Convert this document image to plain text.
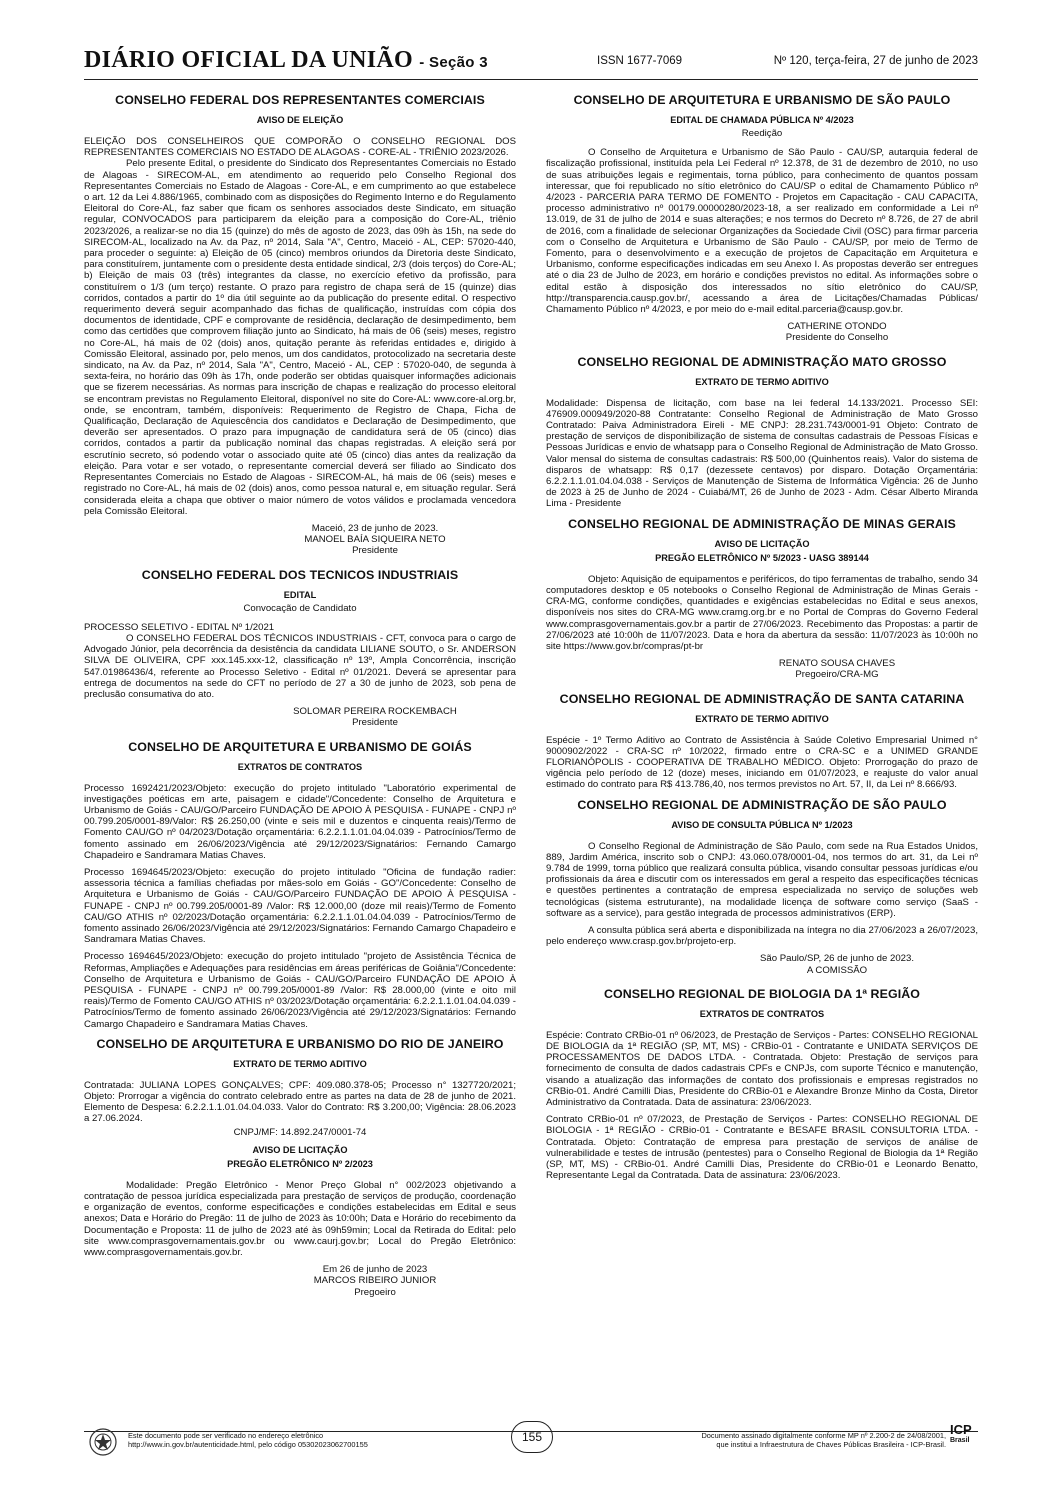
DIÁRIO OFICIAL DA UNIÃO - Seção 3	ISSN 1677-7069	Nº 120, terça-feira, 27 de junho de 2023
CONSELHO FEDERAL DOS REPRESENTANTES COMERCIAIS
AVISO DE ELEIÇÃO

ELEIÇÃO DOS CONSELHEIROS QUE COMPORÃO O CONSELHO REGIONAL DOS REPRESENTANTES COMERCIAIS NO ESTADO DE ALAGOAS - CORE-AL - TRIÊNIO 2023/2026.

Pelo presente Edital, o presidente do Sindicato dos Representantes Comerciais no Estado de Alagoas - SIRECOM-AL, em atendimento ao requerido pelo Conselho Regional dos Representantes Comerciais no Estado de Alagoas - Core-AL, e em cumprimento ao que estabelece o art. 12 da Lei 4.886/1965, combinado com as disposições do Regimento Interno e do Regulamento Eleitoral do Core-AL, faz saber que ficam os senhores associados deste Sindicato, em situação regular, CONVOCADOS para participarem da eleição para a composição do Core-AL, triênio 2023/2026, a realizar-se no dia 15 (quinze) do mês de agosto de 2023, das 09h às 15h, na sede do SIRECOM-AL, localizado na Av. da Paz, nº 2014, Sala "A", Centro, Maceió - AL, CEP: 57020-440, para proceder o seguinte: a) Eleição de 05 (cinco) membros oriundos da Diretoria deste Sindicato, para constituírem, juntamente com o presidente desta entidade sindical, 2/3 (dois terços) do Core-AL; b) Eleição de mais 03 (três) integrantes da classe, no exercício efetivo da profissão, para constituírem o 1/3 (um terço) restante. O prazo para registro de chapa será de 15 (quinze) dias corridos, contados a partir do 1º dia útil seguinte ao da publicação do presente edital. O respectivo requerimento deverá seguir acompanhado das fichas de qualificação, instruídas com cópia dos documentos de identidade, CPF e comprovante de residência, declaração de desimpedimento, bem como das certidões que comprovem filiação junto ao Sindicato, há mais de 06 (seis) meses, registro no Core-AL, há mais de 02 (dois) anos, quitação perante às referidas entidades e, dirigido à Comissão Eleitoral, assinado por, pelo menos, um dos candidatos, protocolizado na secretaria deste sindicato, na Av. da Paz, nº 2014, Sala "A", Centro, Maceió - AL, CEP : 57020-040, de segunda à sexta-feira, no horário das 09h às 17h, onde poderão ser obtidas quaisquer informações adicionais que se fizerem necessárias. As normas para inscrição de chapas e realização do processo eleitoral se encontram previstas no Regulamento Eleitoral, disponível no site do Core-AL: www.core-al.org.br, onde, se encontram, também, disponíveis: Requerimento de Registro de Chapa, Ficha de Qualificação, Declaração de Aquiescência dos candidatos e Declaração de Desimpedimento, que deverão ser apresentados. O prazo para impugnação de candidatura será de 05 (cinco) dias corridos, contados a partir da publicação nominal das chapas registradas. A eleição será por escrutínio secreto, só podendo votar o associado quite até 05 (cinco) dias antes da realização da eleição. Para votar e ser votado, o representante comercial deverá ser filiado ao Sindicato dos Representantes Comerciais no Estado de Alagoas - SIRECOM-AL, há mais de 06 (seis) meses e registrado no Core-AL, há mais de 02 (dois) anos, como pessoa natural e, em situação regular. Será considerada eleita a chapa que obtiver o maior número de votos válidos e proclamada vencedora pela Comissão Eleitoral.

Maceió, 23 de junho de 2023.
MANOEL BAÍA SIQUEIRA NETO
Presidente
CONSELHO FEDERAL DOS TECNICOS INDUSTRIAIS
EDITAL
Convocação de Candidato

PROCESSO SELETIVO - EDITAL Nº 1/2021

O CONSELHO FEDERAL DOS TÉCNICOS INDUSTRIAIS - CFT, convoca para o cargo de Advogado Júnior, pela decorrência da desistência da candidata LILIANE SOUTO, o Sr. ANDERSON SILVA DE OLIVEIRA, CPF xxx.145.xxx-12, classificação nº 13º, Ampla Concorrência, inscrição 547.01986436/4, referente ao Processo Seletivo - Edital nº 01/2021. Deverá se apresentar para entrega de documentos na sede do CFT no período de 27 a 30 de junho de 2023, sob pena de preclusão consumativa do ato.

SOLOMAR PEREIRA ROCKEMBACH
Presidente
CONSELHO DE ARQUITETURA E URBANISMO DE GOIÁS
EXTRATOS DE CONTRATOS

Processo 1692421/2023/Objeto: execução do projeto intitulado "Laboratório experimental de investigações poéticas em arte, paisagem e cidade"/Concedente: Conselho de Arquitetura e Urbanismo de Goiás - CAU/GO/Parceiro FUNDAÇÃO DE APOIO À PESQUISA - FUNAPE - CNPJ nº 00.799.205/0001-89/Valor: R$ 26.250,00 (vinte e seis mil e duzentos e cinquenta reais)/Termo de Fomento CAU/GO nº 04/2023/Dotação orçamentária: 6.2.2.1.1.01.04.04.039 - Patrocínios/Termo de fomento assinado em 26/06/2023/Vigência até 29/12/2023/Signatários: Fernando Camargo Chapadeiro e Sandramara Matias Chaves.

Processo 1694645/2023/Objeto: execução do projeto intitulado "Oficina de fundação radier: assessoria técnica a famílias chefiadas por mães-solo em Goiás - GO"/Concedente: Conselho de Arquitetura e Urbanismo de Goiás - CAU/GO/Parceiro FUNDAÇÃO DE APOIO À PESQUISA - FUNAPE - CNPJ nº 00.799.205/0001-89 /Valor: R$ 12.000,00 (doze mil reais)/Termo de Fomento CAU/GO ATHIS nº 02/2023/Dotação orçamentária: 6.2.2.1.1.01.04.04.039 - Patrocínios/Termo de fomento assinado 26/06/2023/Vigência até 29/12/2023/Signatários: Fernando Camargo Chapadeiro e Sandramara Matias Chaves.

Processo 1694645/2023/Objeto: execução do projeto intitulado "projeto de Assistência Técnica de Reformas, Ampliações e Adequações para residências em áreas periféricas de Goiânia"/Concedente: Conselho de Arquitetura e Urbanismo de Goiás - CAU/GO/Parceiro FUNDAÇÃO DE APOIO À PESQUISA - FUNAPE - CNPJ nº 00.799.205/0001-89 /Valor: R$ 28.000,00 (vinte e oito mil reais)/Termo de Fomento CAU/GO ATHIS nº 03/2023/Dotação orçamentária: 6.2.2.1.1.01.04.04.039 - Patrocínios/Termo de fomento assinado 26/06/2023/Vigência até 29/12/2023/Signatários: Fernando Camargo Chapadeiro e Sandramara Matias Chaves.

CONSELHO DE ARQUITETURA E URBANISMO DO RIO DE JANEIRO
EXTRATO DE TERMO ADITIVO

Contratada: JULIANA LOPES GONÇALVES; CPF: 409.080.378-05; Processo n° 1327720/2021; Objeto: Prorrogar a vigência do contrato celebrado entre as partes na data de 28 de junho de 2021. Elemento de Despesa: 6.2.2.1.1.01.04.04.033. Valor do Contrato: R$ 3.200,00; Vigência: 28.06.2023 a 27.06.2024.

CNPJ/MF: 14.892.247/0001-74
AVISO DE LICITAÇÃO
PREGÃO ELETRÔNICO Nº 2/2023

Modalidade: Pregão Eletrônico - Menor Preço Global n° 002/2023 objetivando a contratação de pessoa jurídica especializada para prestação de serviços de produção, coordenação e organização de eventos, conforme especificações e condições estabelecidas em Edital e seus anexos; Data e Horário do Pregão: 11 de julho de 2023 às 10:00h; Data e Horário do recebimento da Documentação e Proposta: 11 de julho de 2023 até às 09h59min; Local da Retirada do Edital: pelo site www.comprasgovernamentais.gov.br ou www.caurj.gov.br; Local do Pregão Eletrônico: www.comprasgovernamentais.gov.br.

Em 26 de junho de 2023
MARCOS RIBEIRO JUNIOR
Pregoeiro
CONSELHO DE ARQUITETURA E URBANISMO DE SÃO PAULO
EDITAL DE CHAMADA PÚBLICA Nº 4/2023
Reedição

O Conselho de Arquitetura e Urbanismo de São Paulo - CAU/SP, autarquia federal de fiscalização profissional, instituída pela Lei Federal nº 12.378, de 31 de dezembro de 2010, no uso de suas atribuições legais e regimentais, torna público, para conhecimento de quantos possam interessar, que foi republicado no sítio eletrônico do CAU/SP o edital de Chamamento Público nº 4/2023 - PARCERIA PARA TERMO DE FOMENTO - Projetos em Capacitação - CAU CAPACITA, processo administrativo nº 00179.00000280/2023-18, a ser realizado em conformidade a Lei nº 13.019, de 31 de julho de 2014 e suas alterações; e nos termos do Decreto nº 8.726, de 27 de abril de 2016, com a finalidade de selecionar Organizações da Sociedade Civil (OSC) para firmar parceria com o Conselho de Arquitetura e Urbanismo de São Paulo - CAU/SP, por meio de Termo de Fomento, para o desenvolvimento e a execução de projetos de Capacitação em Arquitetura e Urbanismo, conforme especificações indicadas em seu Anexo I. As propostas deverão ser entregues até o dia 23 de Julho de 2023, em horário e condições previstos no edital. As informações sobre o edital estão à disposição dos interessados no sítio eletrônico do CAU/SP, http://transparencia.causp.gov.br/, acessando a área de Licitações/Chamadas Públicas/ Chamamento Público nº 4/2023, e por meio do e-mail edital.parceria@causp.gov.br.

CATHERINE OTONDO
Presidente do Conselho
CONSELHO REGIONAL DE ADMINISTRAÇÃO MATO GROSSO
EXTRATO DE TERMO ADITIVO

Modalidade: Dispensa de licitação, com base na lei federal 14.133/2021. Processo SEI: 476909.000949/2020-88 Contratante: Conselho Regional de Administração de Mato Grosso Contratado: Paiva Administradora Eireli - ME CNPJ: 28.231.743/0001-91 Objeto: Contrato de prestação de serviços de disponibilização de sistema de consultas cadastrais de Pessoas Físicas e Pessoas Jurídicas e envio de whatsapp para o Conselho Regional de Administração de Mato Grosso. Valor mensal do sistema de consultas cadastrais: R$ 500,00 (Quinhentos reais). Valor do sistema de disparos de whatsapp: R$ 0,17 (dezessete centavos) por disparo. Dotação Orçamentária: 6.2.2.1.1.01.04.04.038 - Serviços de Manutenção de Sistema de Informática Vigência: 26 de Junho de 2023 à 25 de Junho de 2024 - Cuiabá/MT, 26 de Junho de 2023 - Adm. César Alberto Miranda Lima - Presidente

CONSELHO REGIONAL DE ADMINISTRAÇÃO DE MINAS GERAIS
AVISO DE LICITAÇÃO
PREGÃO ELETRÔNICO Nº 5/2023 - UASG 389144

Objeto: Aquisição de equipamentos e periféricos, do tipo ferramentas de trabalho, sendo 34 computadores desktop e 05 notebooks o Conselho Regional de Administração de Minas Gerais - CRA-MG, conforme condições, quantidades e exigências estabelecidas no Edital e seus anexos, disponíveis nos sites do CRA-MG www.cramg.org.br e no Portal de Compras do Governo Federal www.comprasgovernamentais.gov.br a partir de 27/06/2023. Recebimento das Propostas: a partir de 27/06/2023 até 10:00h de 11/07/2023. Data e hora da abertura da sessão: 11/07/2023 às 10:00h no site https://www.gov.br/compras/pt-br

RENATO SOUSA CHAVES
Pregoeiro/CRA-MG
CONSELHO REGIONAL DE ADMINISTRAÇÃO DE SANTA CATARINA
EXTRATO DE TERMO ADITIVO

Espécie - 1º Termo Aditivo ao Contrato de Assistência à Saúde Coletivo Empresarial Unimed n° 9000902/2022 - CRA-SC nº 10/2022, firmado entre o CRA-SC e a UNIMED GRANDE FLORIANÓPOLIS - COOPERATIVA DE TRABALHO MÉDICO. Objeto: Prorrogação do prazo de vigência pelo período de 12 (doze) meses, iniciando em 01/07/2023, e reajuste do valor anual estimado do contrato para R$ 413.786,40, nos termos previstos no Art. 57, II, da Lei nº 8.666/93.

CONSELHO REGIONAL DE ADMINISTRAÇÃO DE SÃO PAULO
AVISO DE CONSULTA PÚBLICA Nº 1/2023

O Conselho Regional de Administração de São Paulo, com sede na Rua Estados Unidos, 889, Jardim América, inscrito sob o CNPJ: 43.060.078/0001-04, nos termos do art. 31, da Lei nº 9.784 de 1999, torna público que realizará consulta pública, visando consultar pessoas jurídicas e/ou profissionais da área e discutir com os interessados em geral a respeito das especificações técnicas e questões pertinentes a contratação de empresa especializada no serviço de soluções web tecnológicas (sistema estruturante), na modalidade licença de software como serviço (SaaS - software as a service), para gestão integrada de processos administrativos (ERP).

A consulta pública será aberta e disponibilizada na íntegra no dia 27/06/2023 a 26/07/2023, pelo endereço www.crasp.gov.br/projeto-erp.

São Paulo/SP, 26 de junho de 2023.
A COMISSÃO
CONSELHO REGIONAL DE BIOLOGIA DA 1ª REGIÃO
EXTRATOS DE CONTRATOS

Espécie: Contrato CRBio-01 nº 06/2023, de Prestação de Serviços - Partes: CONSELHO REGIONAL DE BIOLOGIA da 1ª REGIÃO (SP, MT, MS) - CRBio-01 - Contratante e UNIDATA SERVIÇOS DE PROCESSAMENTOS DE DADOS LTDA. - Contratada. Objeto: Prestação de serviços para fornecimento de consulta de dados cadastrais CPFs e CNPJs, com suporte Técnico e manutenção, visando a atualização das informações de contato dos profissionais e empresas registrados no CRBio-01. André Camilli Dias, Presidente do CRBio-01 e Alexandre Bronze Minho da Costa, Diretor Administrativo da Contratada. Data de assinatura: 23/06/2023.

Contrato CRBio-01 nº 07/2023, de Prestação de Serviços - Partes: CONSELHO REGIONAL DE BIOLOGIA - 1ª REGIÃO - CRBio-01 - Contratante e BESAFE BRASIL CONSULTORIA LTDA. - Contratada. Objeto: Contratação de empresa para prestação de serviços de análise de vulnerabilidade e testes de intrusão (pentestes) para o Conselho Regional de Biologia da 1ª Região (SP, MT, MS) - CRBio-01. André Camilli Dias, Presidente do CRBio-01 e Leonardo Benatto, Representante Legal da Contratada. Data de assinatura: 23/06/2023.

Este documento pode ser verificado no endereço eletrônico
http://www.in.gov.br/autenticidade.html, pelo código 05302023062700155
155	Documento assinado digitalmente conforme MP nº 2.200-2 de 24/08/2001,
que institui a Infraestrutura de Chaves Públicas Brasileira - ICP-Brasil.
ICP
Brasil
